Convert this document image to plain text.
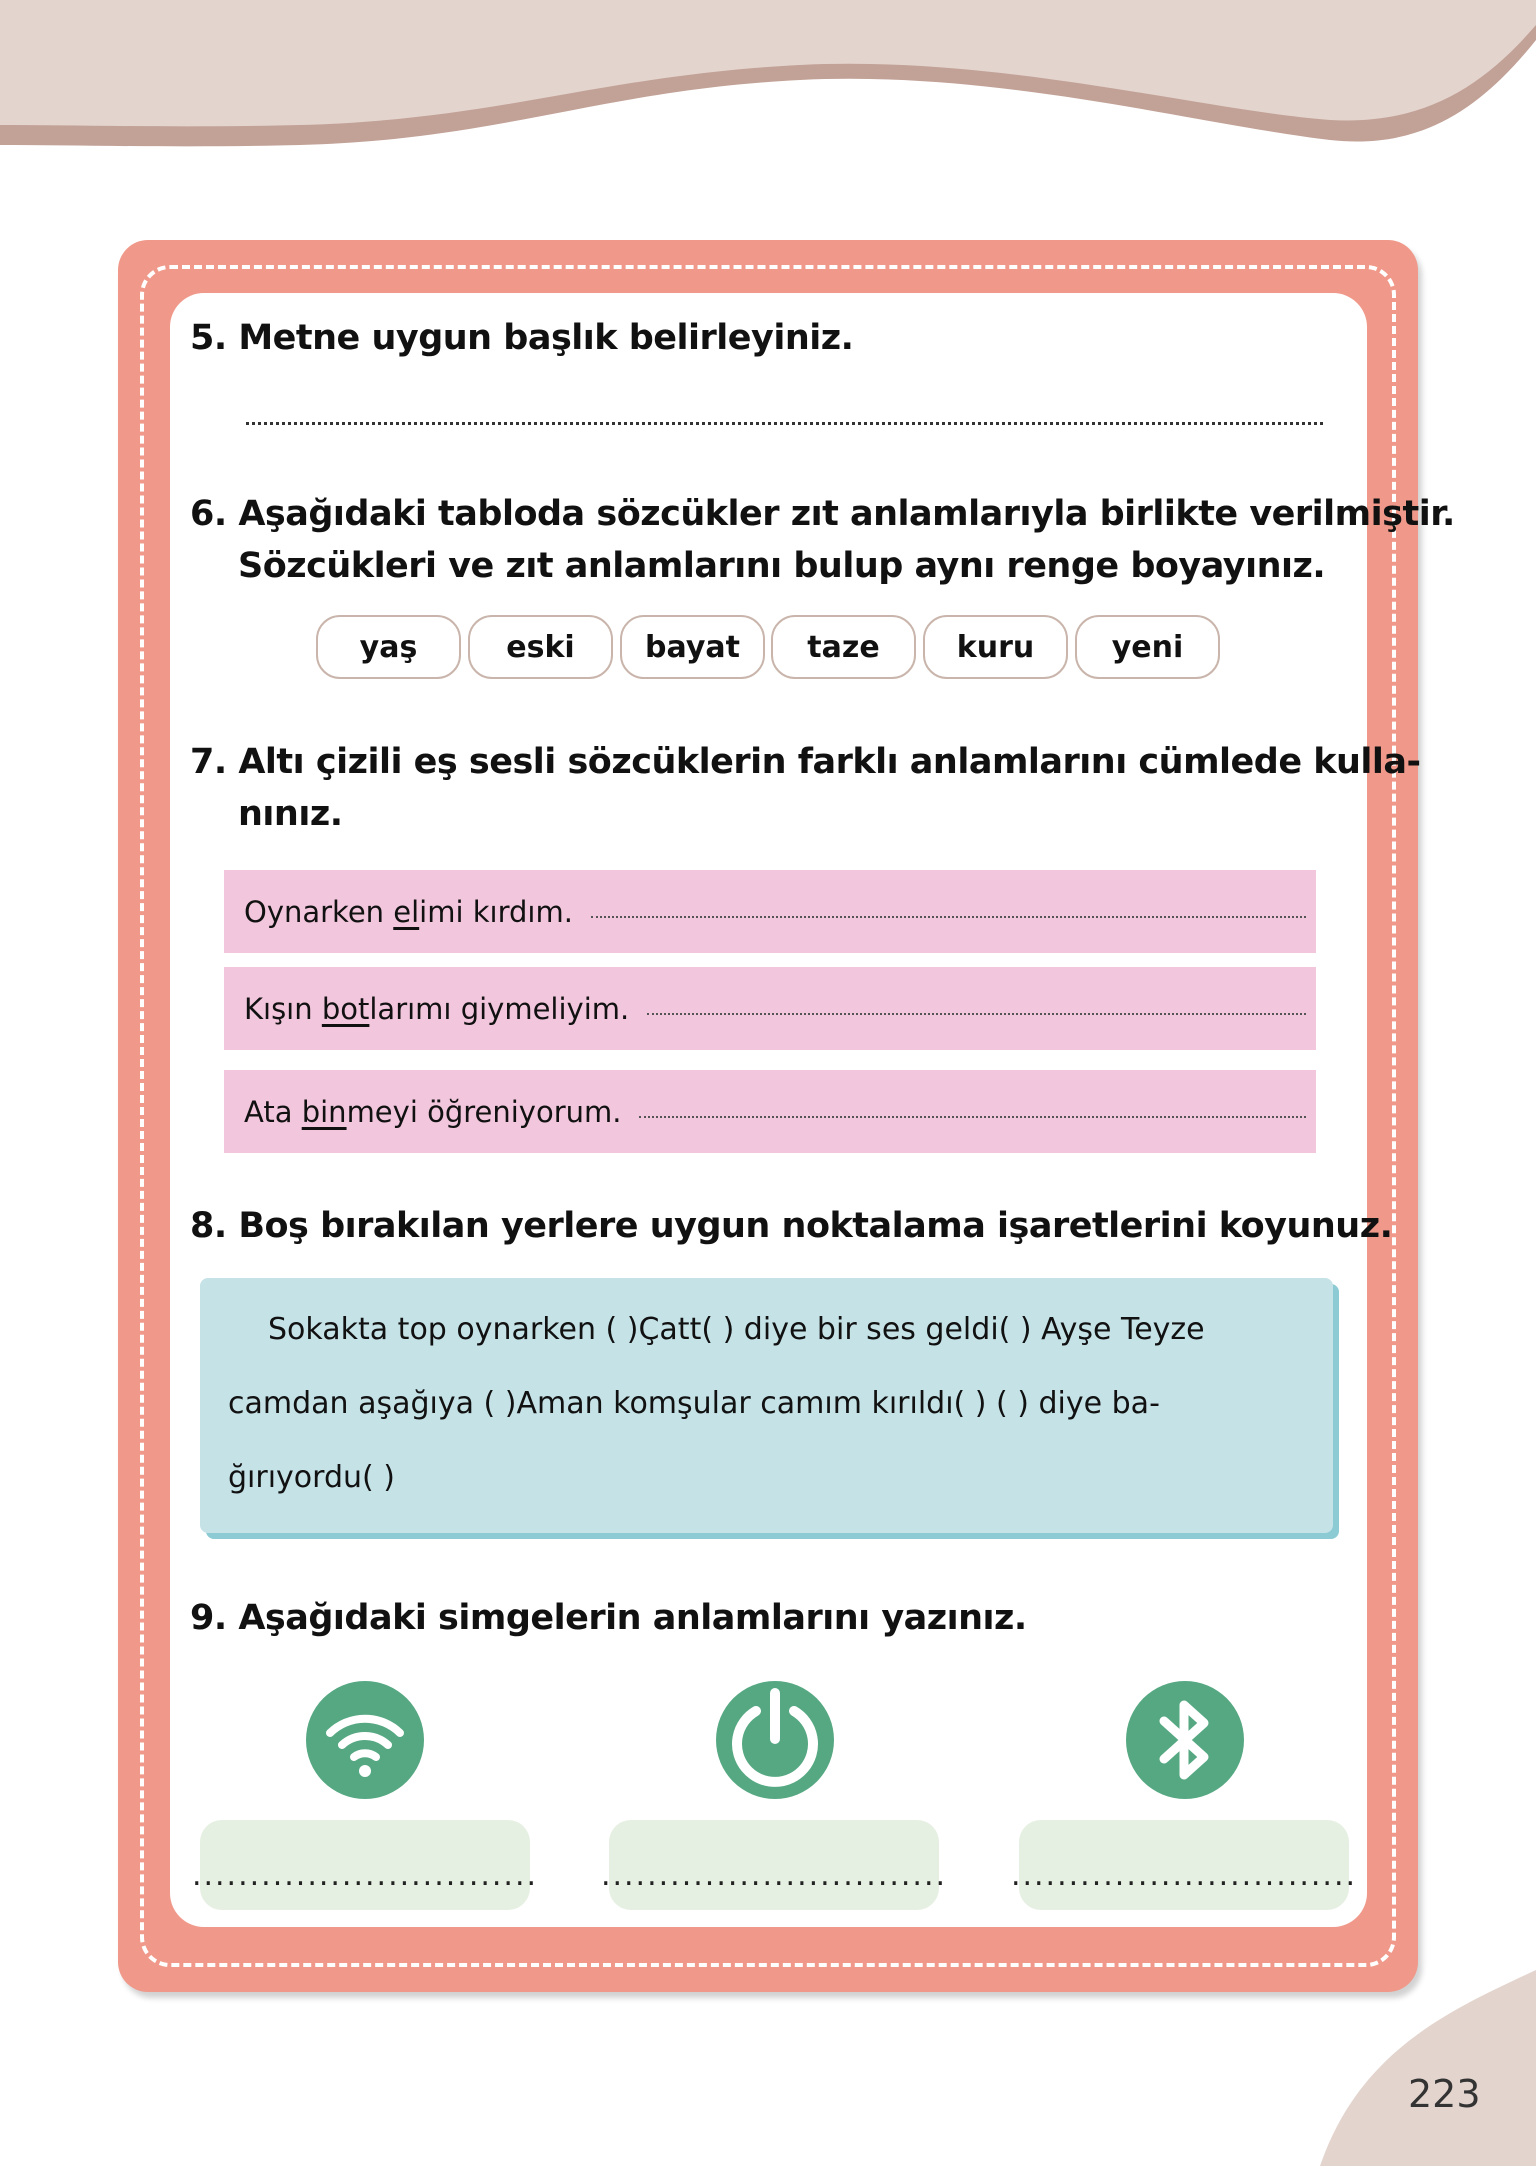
5. Metne uygun başlık belirleyiniz.
6. Aşağıdaki tabloda sözcükler zıt anlamlarıyla birlikte verilmiştir.
Sözcükleri ve zıt anlamlarını bulup aynı renge boyayınız.
yaş	eski	bayat	taze	kuru	yeni
7. Altı çizili eş sesli sözcüklerin farklı anlamlarını cümlede kulla-
nınız.
Oynarken elimi kırdım.
Kışın botlarımı giymeliyim.
Ata binmeyi öğreniyorum.
8. Boş bırakılan yerlere uygun noktalama işaretlerini koyunuz.
Sokakta top oynarken ( )Çatt( ) diye bir ses geldi( ) Ayşe Teyze
camdan aşağıya ( )Aman komşular camım kırıldı( ) ( ) diye ba-
ğırıyordu( )
9. Aşağıdaki simgelerin anlamlarını yazınız.
.............................. .............................. ..............................
223
